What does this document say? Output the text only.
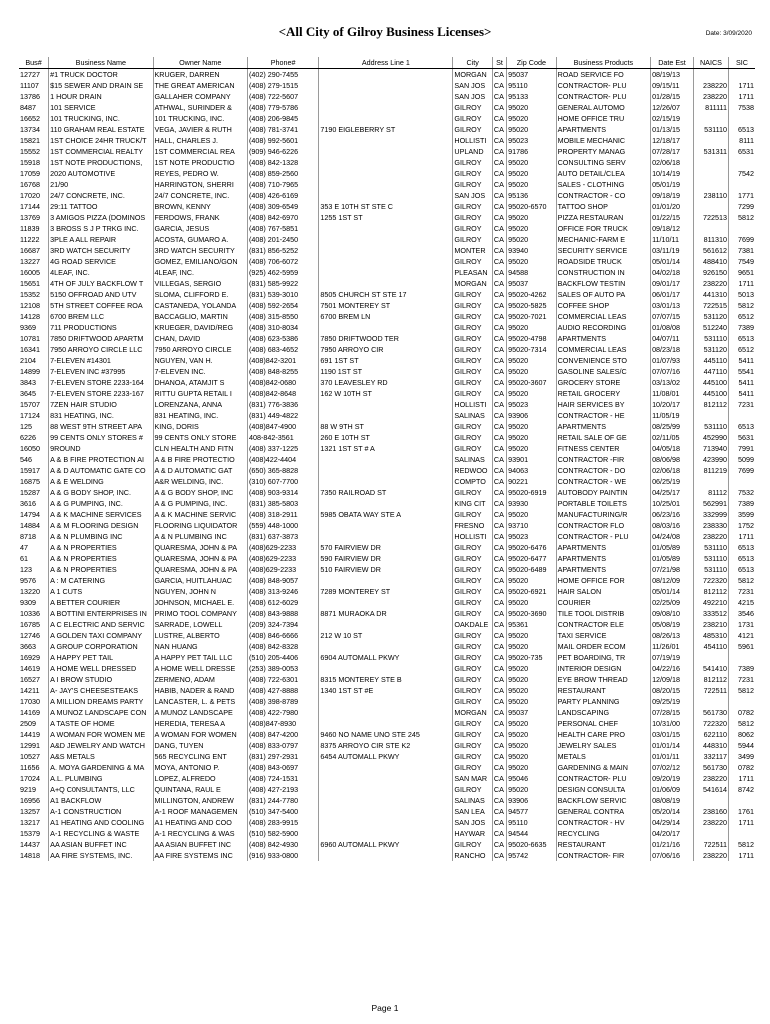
<All City of Gilroy Business Licenses>	Date: 3/09/2020
Bus#	Business Name	Owner Name	Phone#	Address Line 1	City	St	Zip Code	Business Products	Date Est	NAICS	SIC
12727	#1 TRUCK DOCTOR	KRUGER, DARREN	(402) 290-7455		MORGAN	CA	95037	ROAD SERVICE FO	08/19/13		
11107	$15 SEWER AND DRAIN SE	THE GREAT AMERICAN	(408) 279-1515		SAN JOS	CA	95110	CONTRACTOR- PLU	09/15/11	238220	1711
13786	1 HOUR DRAIN	GALLAHER COMPANY	(408) 722-5607		SAN JOS	CA	95133	CONTRACTOR- PLU	01/28/15	238220	1711
8487	101 SERVICE	ATHWAL, SURINDER &	(408) 779-5786		GILROY	CA	95020	GENERAL AUTOMO	12/26/07	811111	7538
16652	101 TRUCKING, INC.	101 TRUCKING, INC.	(408) 206-9845		GILROY	CA	95020	HOME OFFICE TRU	02/15/19		
13734	110 GRAHAM REAL ESTATE	VEGA, JAVIER & RUTH	(408) 781-3741	7190 EIGLEBERRY ST	GILROY	CA	95020	APARTMENTS	01/13/15	531110	6513
15821	1ST CHOICE 24HR TRUCK/T	HALL, CHARLES J.	(408) 992-5601		HOLLISTI	CA	95023	MOBILE MECHANIC	12/18/17		8111
15552	1ST COMMERCIAL REALTY	1ST COMMERCIAL REA	(909) 946-6226		UPLAND	CA	91786	PROPERTY MANAG	07/28/17	531311	6531
15918	1ST NOTE PRODUCTIONS,	1ST NOTE PRODUCTIO	(408) 842-1328		GILROY	CA	95020	CONSULTING SERV	02/06/18		
17059	2020 AUTOMOTIVE	REYES, PEDRO W.	(408) 859-2560		GILROY	CA	95020	AUTO DETAIL/CLEA	10/14/19		7542
16768	21/90	HARRINGTON, SHERRI	(408) 710-7965		GILROY	CA	95020	SALES - CLOTHING	05/01/19		
17020	24/7 CONCRETE, INC.	24/7 CONCRETE, INC.	(408) 426-6169		SAN JOS	CA	95136	CONTRACTOR - CO	09/18/19	238110	1771
17144	29:11 TATTOO	BROWN, KENNY	(408) 309-6549	353 E 10TH ST STE C	GILROY	CA	95020-6570	TATTOO SHOP	01/01/20		7299
13769	3 AMIGOS PIZZA (DOMINOS	FERDOWS, FRANK	(408) 842-6970	1255 1ST ST	GILROY	CA	95020	PIZZA RESTAURAN	01/22/15	722513	5812
11839	3 BROSS S J P TRKG INC.	GARCIA, JESUS	(408) 767-5851		GILROY	CA	95020	OFFICE FOR TRUCK	09/18/12		
11222	3PLE A ALL REPAIR	ACOSTA, GUMARO A.	(408) 201-2450		GILROY	CA	95020	MECHANIC-FARM E	11/10/11	811310	7699
16687	3RD WATCH SECURITY	3RD WATCH SECURITY	(831) 856-5252		MONTER	CA	93940	SECURITY SERVICE	03/11/19	561612	7381
13227	4G ROAD SERVICE	GOMEZ, EMILIANO/GON	(408) 706-6072		GILROY	CA	95020	ROADSIDE TRUCK	05/01/14	488410	7549
16005	4LEAF, INC.	4LEAF, INC.	(925) 462-5959		PLEASAN	CA	94588	CONSTRUCTION IN	04/02/18	926150	9651
15651	4TH OF JULY BACKFLOW T	VILLEGAS, SERGIO	(831) 585-9922		MORGAN	CA	95037	BACKFLOW TESTIN	09/01/17	238220	1711
15352	5150 OFFROAD AND UTV	SLOMA, CLIFFORD E.	(831) 539-3010	8505 CHURCH ST STE 17	GILROY	CA	95020-4262	SALES OF AUTO PA	06/01/17	441310	5013
12108	5TH STREET COFFEE ROA	CASTANEDA, YOLANDA	(408) 592-2654	7501 MONTEREY ST	GILROY	CA	95020-5825	COFFEE SHOP	03/01/13	722515	5812
14128	6700 BREM LLC	BACCAGLIO, MARTIN	(408) 315-8550	6700 BREM LN	GILROY	CA	95020-7021	COMMERCIAL LEAS	07/07/15	531120	6512
9369	711 PRODUCTIONS	KRUEGER, DAVID/REG	(408) 310-8034		GILROY	CA	95020	AUDIO RECORDING	01/08/08	512240	7389
10781	7850 DRIFTWOOD APARTM	CHAN, DAVID	(408) 623-5386	7850 DRIFTWOOD TER	GILROY	CA	95020-4798	APARTMENTS	04/07/11	531110	6513
16341	7950 ARROYO CIRCLE LLC	7950 ARROYO CIRCLE	(408) 683-4652	7950 ARROYO CIR	GILROY	CA	95020-7314	COMMERCIAL LEAS	08/23/18	531120	6512
2104	7-ELEVEN #14301	NGUYEN, VAN H.	(408)842-3201	691 1ST ST	GILROY	CA	95020	CONVENIENCE STO	01/07/93	445110	5411
14899	7-ELEVEN INC #37995	7-ELEVEN INC.	(408) 848-8255	1190 1ST ST	GILROY	CA	95020	GASOLINE SALES/C	07/07/16	447110	5541
3843	7-ELEVEN STORE 2233-164	DHANOA, ATAMJIT S	(408)842-0680	370 LEAVESLEY RD	GILROY	CA	95020-3607	GROCERY STORE	03/13/02	445100	5411
3645	7-ELEVEN STORE 2233-167	RITTU GUPTA RETAIL I	(408)842-8648	162 W 10TH ST	GILROY	CA	95020	RETAIL GROCERY	11/08/01	445100	5411
15707	7ZEN HAIR STUDIO	LORENZANA, ANNA	(831) 776-3836		HOLLISTI	CA	95023	HAIR SERVICES BY	10/20/17	812112	7231
17124	831 HEATING, INC.	831 HEATING, INC.	(831) 449-4822		SALINAS	CA	93906	CONTRACTOR - HE	11/05/19		
125	88 WEST 9TH STREET APA	KING, DORIS	(408)847-4900	88 W 9TH ST	GILROY	CA	95020	APARTMENTS	08/25/99	531110	6513
6226	99 CENTS ONLY STORES #	99 CENTS ONLY STORE	408-842-3561	260 E 10TH ST	GILROY	CA	95020	RETAIL SALE OF GE	02/11/05	452990	5631
16050	9ROUND	CLN HEALTH AND FITN	(408) 337-1225	1321 1ST ST # A	GILROY	CA	95020	FITNESS CENTER	04/05/18	713940	7991
546	A & B FIRE PROTECTION AI	A & B FIRE PROTECTIO	(408)422-4404		SALINAS	CA	93901	CONTRACTOR -FIR	08/06/98	423990	5099
15917	A & D AUTOMATIC GATE CO	A & D AUTOMATIC GAT	(650) 365-8828		REDWOO	CA	94063	CONTRACTOR - DO	02/06/18	811219	7699
16875	A & E WELDING	A&R WELDING, INC.	(310) 607-7700		COMPTO	CA	90221	CONTRACTOR - WE	06/25/19		
15287	A & G BODY SHOP, INC.	A & G BODY SHOP, INC	(408) 903-9314	7350 RAILROAD ST	GILROY	CA	95020-6919	AUTOBODY PAINTIN	04/25/17	81112	7532
3616	A & G PUMPING, INC.	A & G PUMPING, INC.	(831) 385-5803		KING CIT	CA	93930	PORTABLE TOILETS	10/25/01	562991	7389
14794	A & K MACHINE SERVICES	A & K MACHINE SERVIC	(408) 318-2911	5985 OBATA WAY STE A	GILROY	CA	95020	MANUFACTURING/R	06/23/16	332999	3599
14884	A & M FLOORING DESIGN	FLOORING LIQUIDATOR	(559) 448-1000		FRESNO	CA	93710	CONTRACTOR FLO	08/03/16	238330	1752
8718	A & N PLUMBING INC	A & N PLUMBING INC	(831) 637-3873		HOLLISTI	CA	95023	CONTRACTOR - PLU	04/24/08	238220	1711
47	A & N PROPERTIES	QUARESMA, JOHN & PA	(408)629-2233	570 FAIRVIEW DR	GILROY	CA	95020-6476	APARTMENTS	01/05/89	531110	6513
61	A & N PROPERTIES	QUARESMA, JOHN & PA	(408)629-2233	590 FAIRVIEW DR	GILROY	CA	95020-6477	APARTMENTS	01/05/89	531110	6513
123	A & N PROPERTIES	QUARESMA, JOHN & PA	(408)629-2233	510 FAIRVIEW DR	GILROY	CA	95020-6489	APARTMENTS	07/21/98	531110	6513
9576	A : M CATERING	GARCIA, HUITLAHUAC	(408) 848-9057		GILROY	CA	95020	HOME OFFICE FOR	08/12/09	722320	5812
13220	A 1 CUTS	NGUYEN, JOHN N	(408) 313-9246	7289 MONTEREY ST	GILROY	CA	95020-6921	HAIR SALON	05/01/14	812112	7231
9309	A BETTER COURIER	JOHNSON, MICHAEL E.	(408) 612-6029		GILROY	CA	95020	COURIER	02/25/09	492210	4215
10336	A BOTTINI ENTERPRISES IN	PRIMO TOOL COMPANY	(408) 843-9888	8871 MURAOKA DR	GILROY	CA	95020-3690	TILE TOOL DISTRIB	09/08/10	333512	3546
16785	A C ELECTRIC AND SERVIC	SARRADE, LOWELL	(209) 324-7394		OAKDALE	CA	95361	CONTRACTOR ELE	05/08/19	238210	1731
12746	A GOLDEN TAXI COMPANY	LUSTRE, ALBERTO	(408) 846-6666	212 W 10 ST	GILROY	CA	95020	TAXI SERVICE	08/26/13	485310	4121
3663	A GROUP CORPORATION	NAN HUANG	(408) 842-8328		GILROY	CA	95020	MAIL ORDER ECOM	11/26/01	454110	5961
16929	A HAPPY PET TAIL	A HAPPY PET TAIL LLC	(510) 205-4406	6904 AUTOMALL PKWY	GILROY	CA	95020-735	PET BOARDING, TR	07/19/19		
14619	A HOME WELL DRESSED	A HOME WELL DRESSE	(253) 389-0053		GILROY	CA	95020	INTERIOR DESIGN	04/22/16	541410	7389
16527	A I BROW STUDIO	ZERMENO, ADAM	(408) 722-6301	8315 MONTEREY STE B	GILROY	CA	95020	EYE BROW THREAD	12/09/18	812112	7231
14211	A- JAY'S CHEESESTEAKS	HABIB, NADER & RAND	(408) 427-8888	1340 1ST ST #E	GILROY	CA	95020	RESTAURANT	08/20/15	722511	5812
17030	A MILLION DREAMS PARTY	LANCASTER, L. & PETS	(408) 398-8789		GILROY	CA	95020	PARTY PLANNING	09/25/19		
14169	A MUNOZ LANDSCAPE CON	A MUNOZ LANDSCAPE	(408) 422-7980		MORGAN	CA	95037	LANDSCAPING	07/28/15	561730	0782
2509	A TASTE OF HOME	HEREDIA, TERESA A	(408)847-8930		GILROY	CA	95020	PERSONAL CHEF	10/31/00	722320	5812
14419	A WOMAN FOR WOMEN ME	A WOMAN FOR WOMEN	(408) 847-4200	9460 NO NAME UNO STE 245	GILROY	CA	95020	HEALTH CARE PRO	03/01/15	622110	8062
12991	A&D JEWELRY AND WATCH	DANG, TUYEN	(408) 833-0797	8375 ARROYO CIR STE K2	GILROY	CA	95020	JEWELRY SALES	01/01/14	448310	5944
10527	A&S METALS	565 RECYCLING ENT	(831) 297-2931	6454 AUTOMALL PKWY	GILROY	CA	95020	METALS	01/01/11	332117	3499
11656	A. MOYA GARDENING & MA	MOYA, ANTONIO P.	(408) 843-0697		GILROY	CA	95020	GARDENING & MAIN	07/02/12	561730	0782
17024	A.L. PLUMBING	LOPEZ, ALFREDO	(408) 724-1531		SAN MAR	CA	95046	CONTRACTOR- PLU	09/20/19	238220	1711
9219	A+Q C0NSULTANTS, LLC	QUINTANA, RAUL E	(408) 427-2193		GILROY	CA	95020	DESIGN CONSULTA	01/06/09	541614	8742
16956	A1 BACKFLOW	MILLINGTON, ANDREW	(831) 244-7780		SALINAS	CA	93906	BACKFLOW SERVIC	08/08/19		
13257	A-1 CONSTRUCTION	A-1 ROOF MANAGEMEN	(510) 347-5400		SAN LEA	CA	94577	GENERAL CONTRA	05/20/14	238160	1761
13217	A1 HEATING AND COOLING	A1 HEATING AND COO	(408) 283-9915		SAN JOS	CA	95110	CONTRACTOR - HV	04/29/14	238220	1711
15379	A-1 RECYCLING & WASTE	A-1 RECYCLING & WAS	(510) 582-5900		HAYWAR	CA	94544	RECYCLING	04/20/17		
14437	AA ASIAN BUFFET INC	AA ASIAN BUFFET INC	(408) 842-4930	6960 AUTOMALL PKWY	GILROY	CA	95020-6635	RESTAURANT	01/21/16	722511	5812
14818	AA FIRE SYSTEMS, INC.	AA FIRE SYSTEMS INC	(916) 933-0800		RANCHO	CA	95742	CONTRACTOR- FIR	07/06/16	238220	1711
Page 1
